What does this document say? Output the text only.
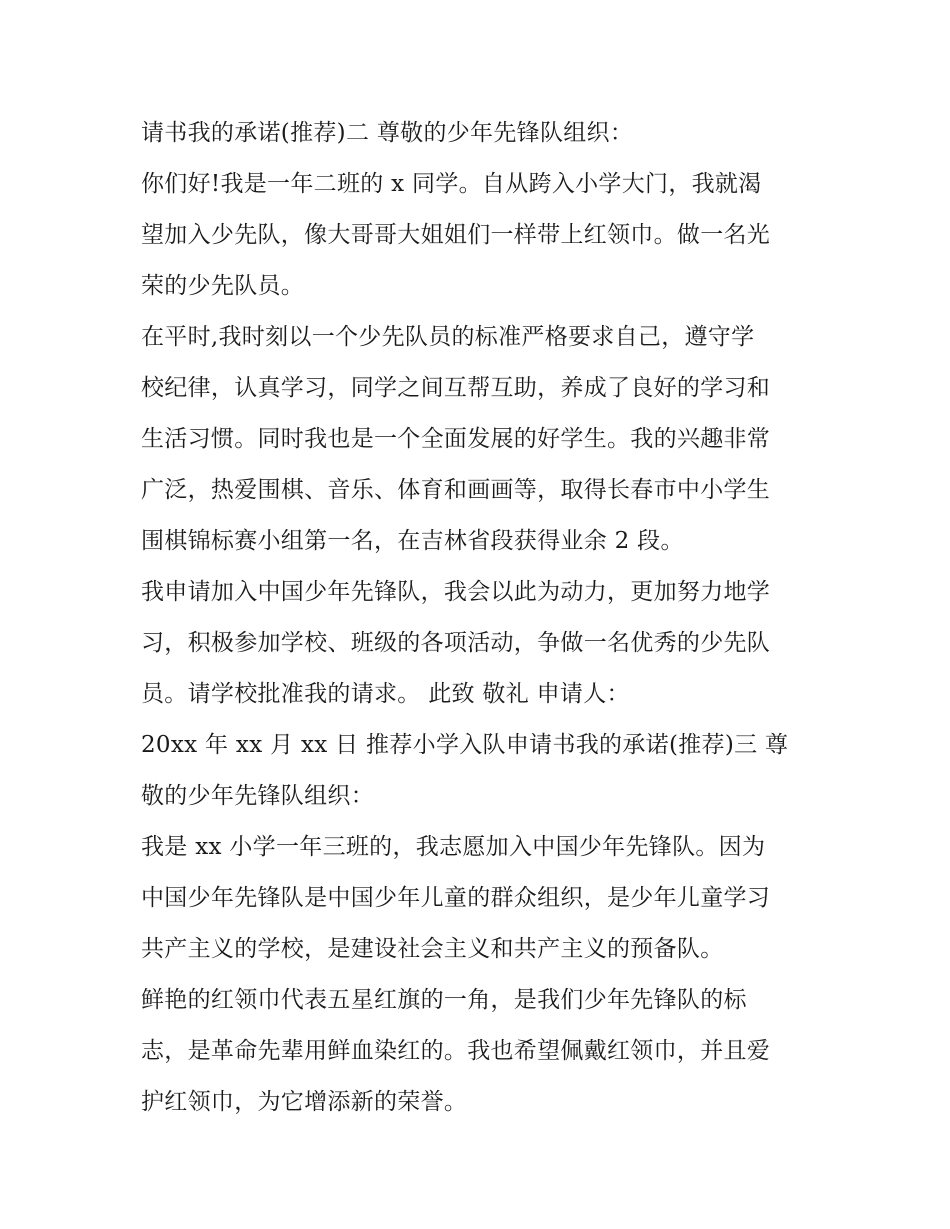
请书我的承诺(推荐)二 尊敬的少年先锋队组织：
你们好!我是一年二班的 x 同学。自从跨入小学大门，我就渴
望加入少先队，像大哥哥大姐姐们一样带上红领巾。做一名光
荣的少先队员。
在平时,我时刻以一个少先队员的标准严格要求自己，遵守学
校纪律，认真学习，同学之间互帮互助，养成了良好的学习和
生活习惯。同时我也是一个全面发展的好学生。我的兴趣非常
广泛，热爱围棋、音乐、体育和画画等，取得长春市中小学生
围棋锦标赛小组第一名，在吉林省段获得业余 2 段。
我申请加入中国少年先锋队，我会以此为动力，更加努力地学
习，积极参加学校、班级的各项活动，争做一名优秀的少先队
员。请学校批准我的请求。 此致 敬礼 申请人：
20xx 年 xx 月 xx 日 推荐小学入队申请书我的承诺(推荐)三 尊
敬的少年先锋队组织：
我是 xx 小学一年三班的，我志愿加入中国少年先锋队。因为
中国少年先锋队是中国少年儿童的群众组织，是少年儿童学习
共产主义的学校，是建设社会主义和共产主义的预备队。
鲜艳的红领巾代表五星红旗的一角，是我们少年先锋队的标
志，是革命先辈用鲜血染红的。我也希望佩戴红领巾，并且爱
护红领巾，为它增添新的荣誉。
